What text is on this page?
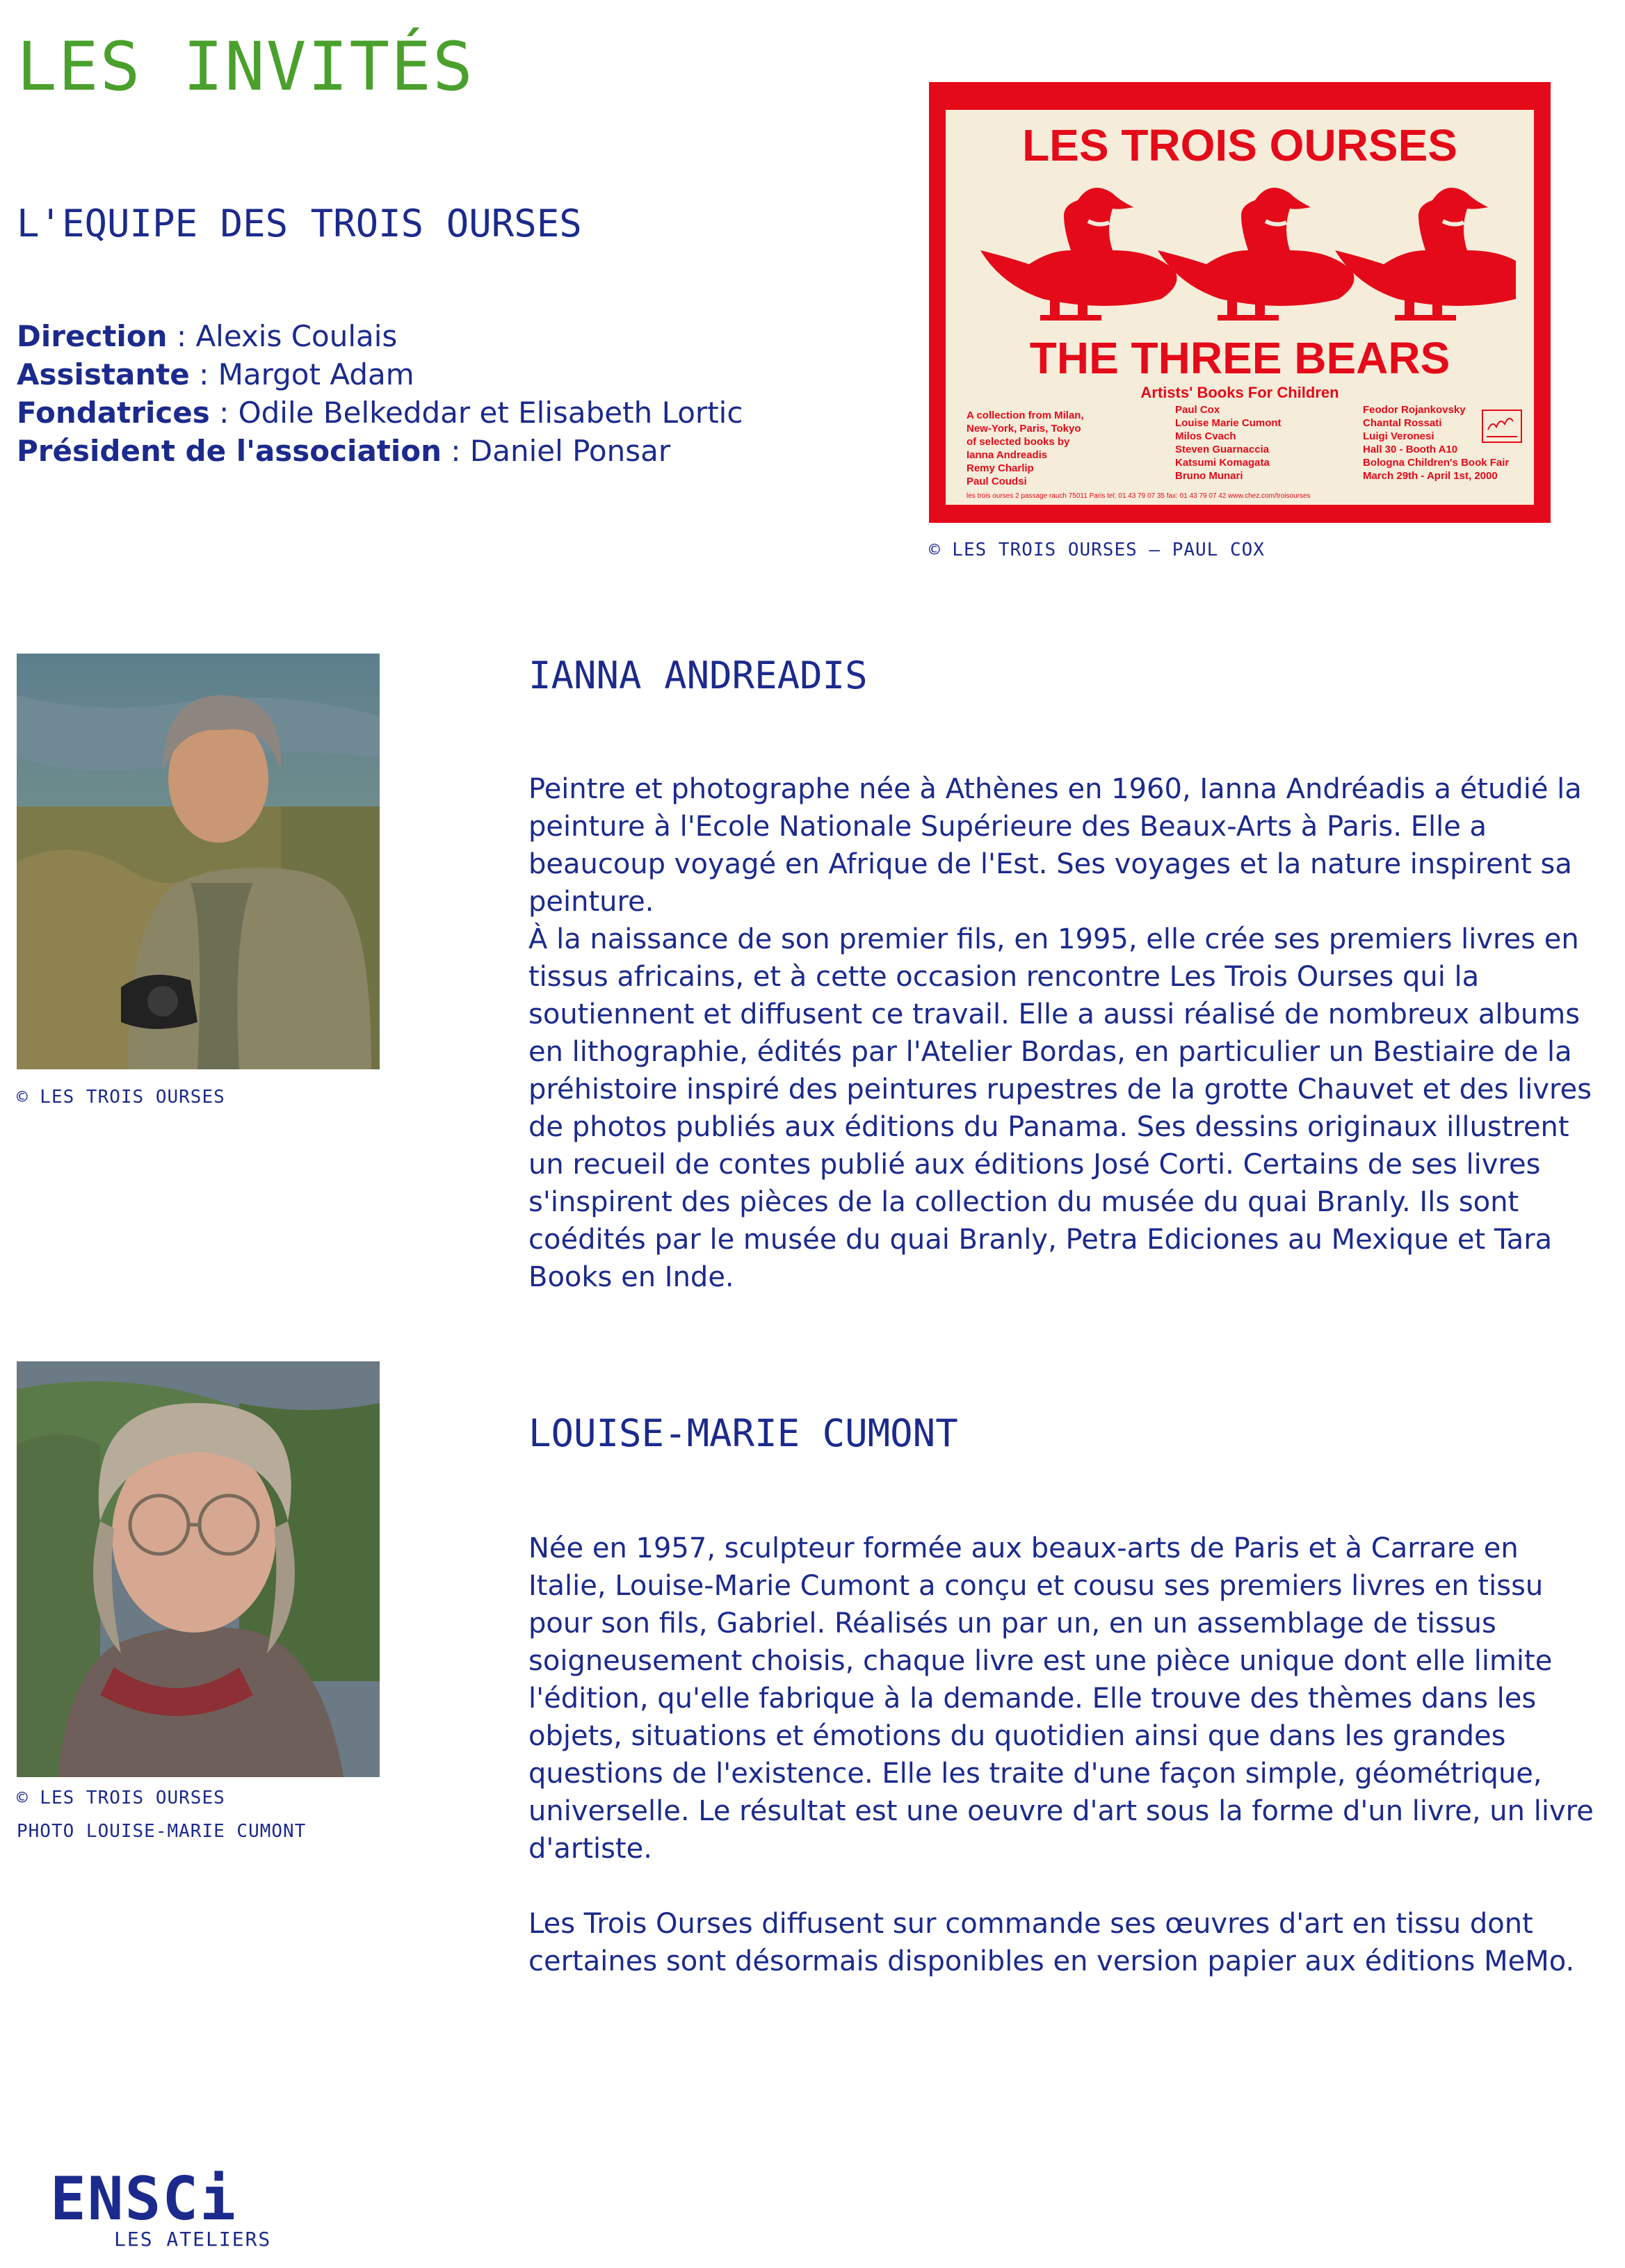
LES INVITÉS
L'EQUIPE DES TROIS OURSES
Direction : Alexis Coulais
Assistante : Margot Adam
Fondatrices : Odile Belkeddar et Elisabeth Lortic
Président de l'association : Daniel Ponsar
LES TROIS OURSES
THE THREE BEARS
Artists' Books For Children
A collection from Milan,
New-York, Paris, Tokyo
of selected books by
Ianna Andreadis
Remy Charlip
Paul Coudsi
Paul Cox
Louise Marie Cumont
Milos Cvach
Steven Guarnaccia
Katsumi Komagata
Bruno Munari
Feodor Rojankovsky
Chantal Rossati
Luigi Veronesi
Hall 30 - Booth A10
Bologna Children's Book Fair
March 29th - April 1st, 2000
les trois ourses 2 passage rauch 75011 Paris tel: 01 43 79 07 35 fax: 01 43 79 07 42 www.chez.com/troisourses
© LES TROIS OURSES – PAUL COX
© LES TROIS OURSES
IANNA ANDREADIS

Peintre et photographe née à Athènes en 1960, Ianna Andréadis a étudié la peinture à l'Ecole Nationale Supérieure des Beaux-Arts à Paris. Elle a beaucoup voyagé en Afrique de l'Est. Ses voyages et la nature inspirent sa peinture.

À la naissance de son premier fils, en 1995, elle crée ses premiers livres en tissus africains, et à cette occasion rencontre Les Trois Ourses qui la soutiennent et diffusent ce travail. Elle a aussi réalisé de nombreux albums en lithographie, édités par l'Atelier Bordas, en particulier un Bestiaire de la préhistoire inspiré des peintures rupestres de la grotte Chauvet et des livres de photos publiés aux éditions du Panama. Ses dessins originaux illustrent un recueil de contes publié aux éditions José Corti. Certains de ses livres s'inspirent des pièces de la collection du musée du quai Branly. Ils sont coédités par le musée du quai Branly, Petra Ediciones au Mexique et Tara Books en Inde.

© LES TROIS OURSES
PHOTO LOUISE-MARIE CUMONT
LOUISE-MARIE CUMONT

Née en 1957, sculpteur formée aux beaux-arts de Paris et à Carrare en Italie, Louise-Marie Cumont a conçu et cousu ses premiers livres en tissu pour son fils, Gabriel. Réalisés un par un, en un assemblage de tissus soigneusement choisis, chaque livre est une pièce unique dont elle limite l'édition, qu'elle fabrique à la demande. Elle trouve des thèmes dans les objets, situations et émotions du quotidien ainsi que dans les grandes questions de l'existence. Elle les traite d'une façon simple, géométrique, universelle. Le résultat est une oeuvre d'art sous la forme d'un livre, un livre d'artiste.

Les Trois Ourses diffusent sur commande ses œuvres d'art en tissu dont certaines sont désormais disponibles en version papier aux éditions MeMo.

ENSCi
LES ATELIERS
